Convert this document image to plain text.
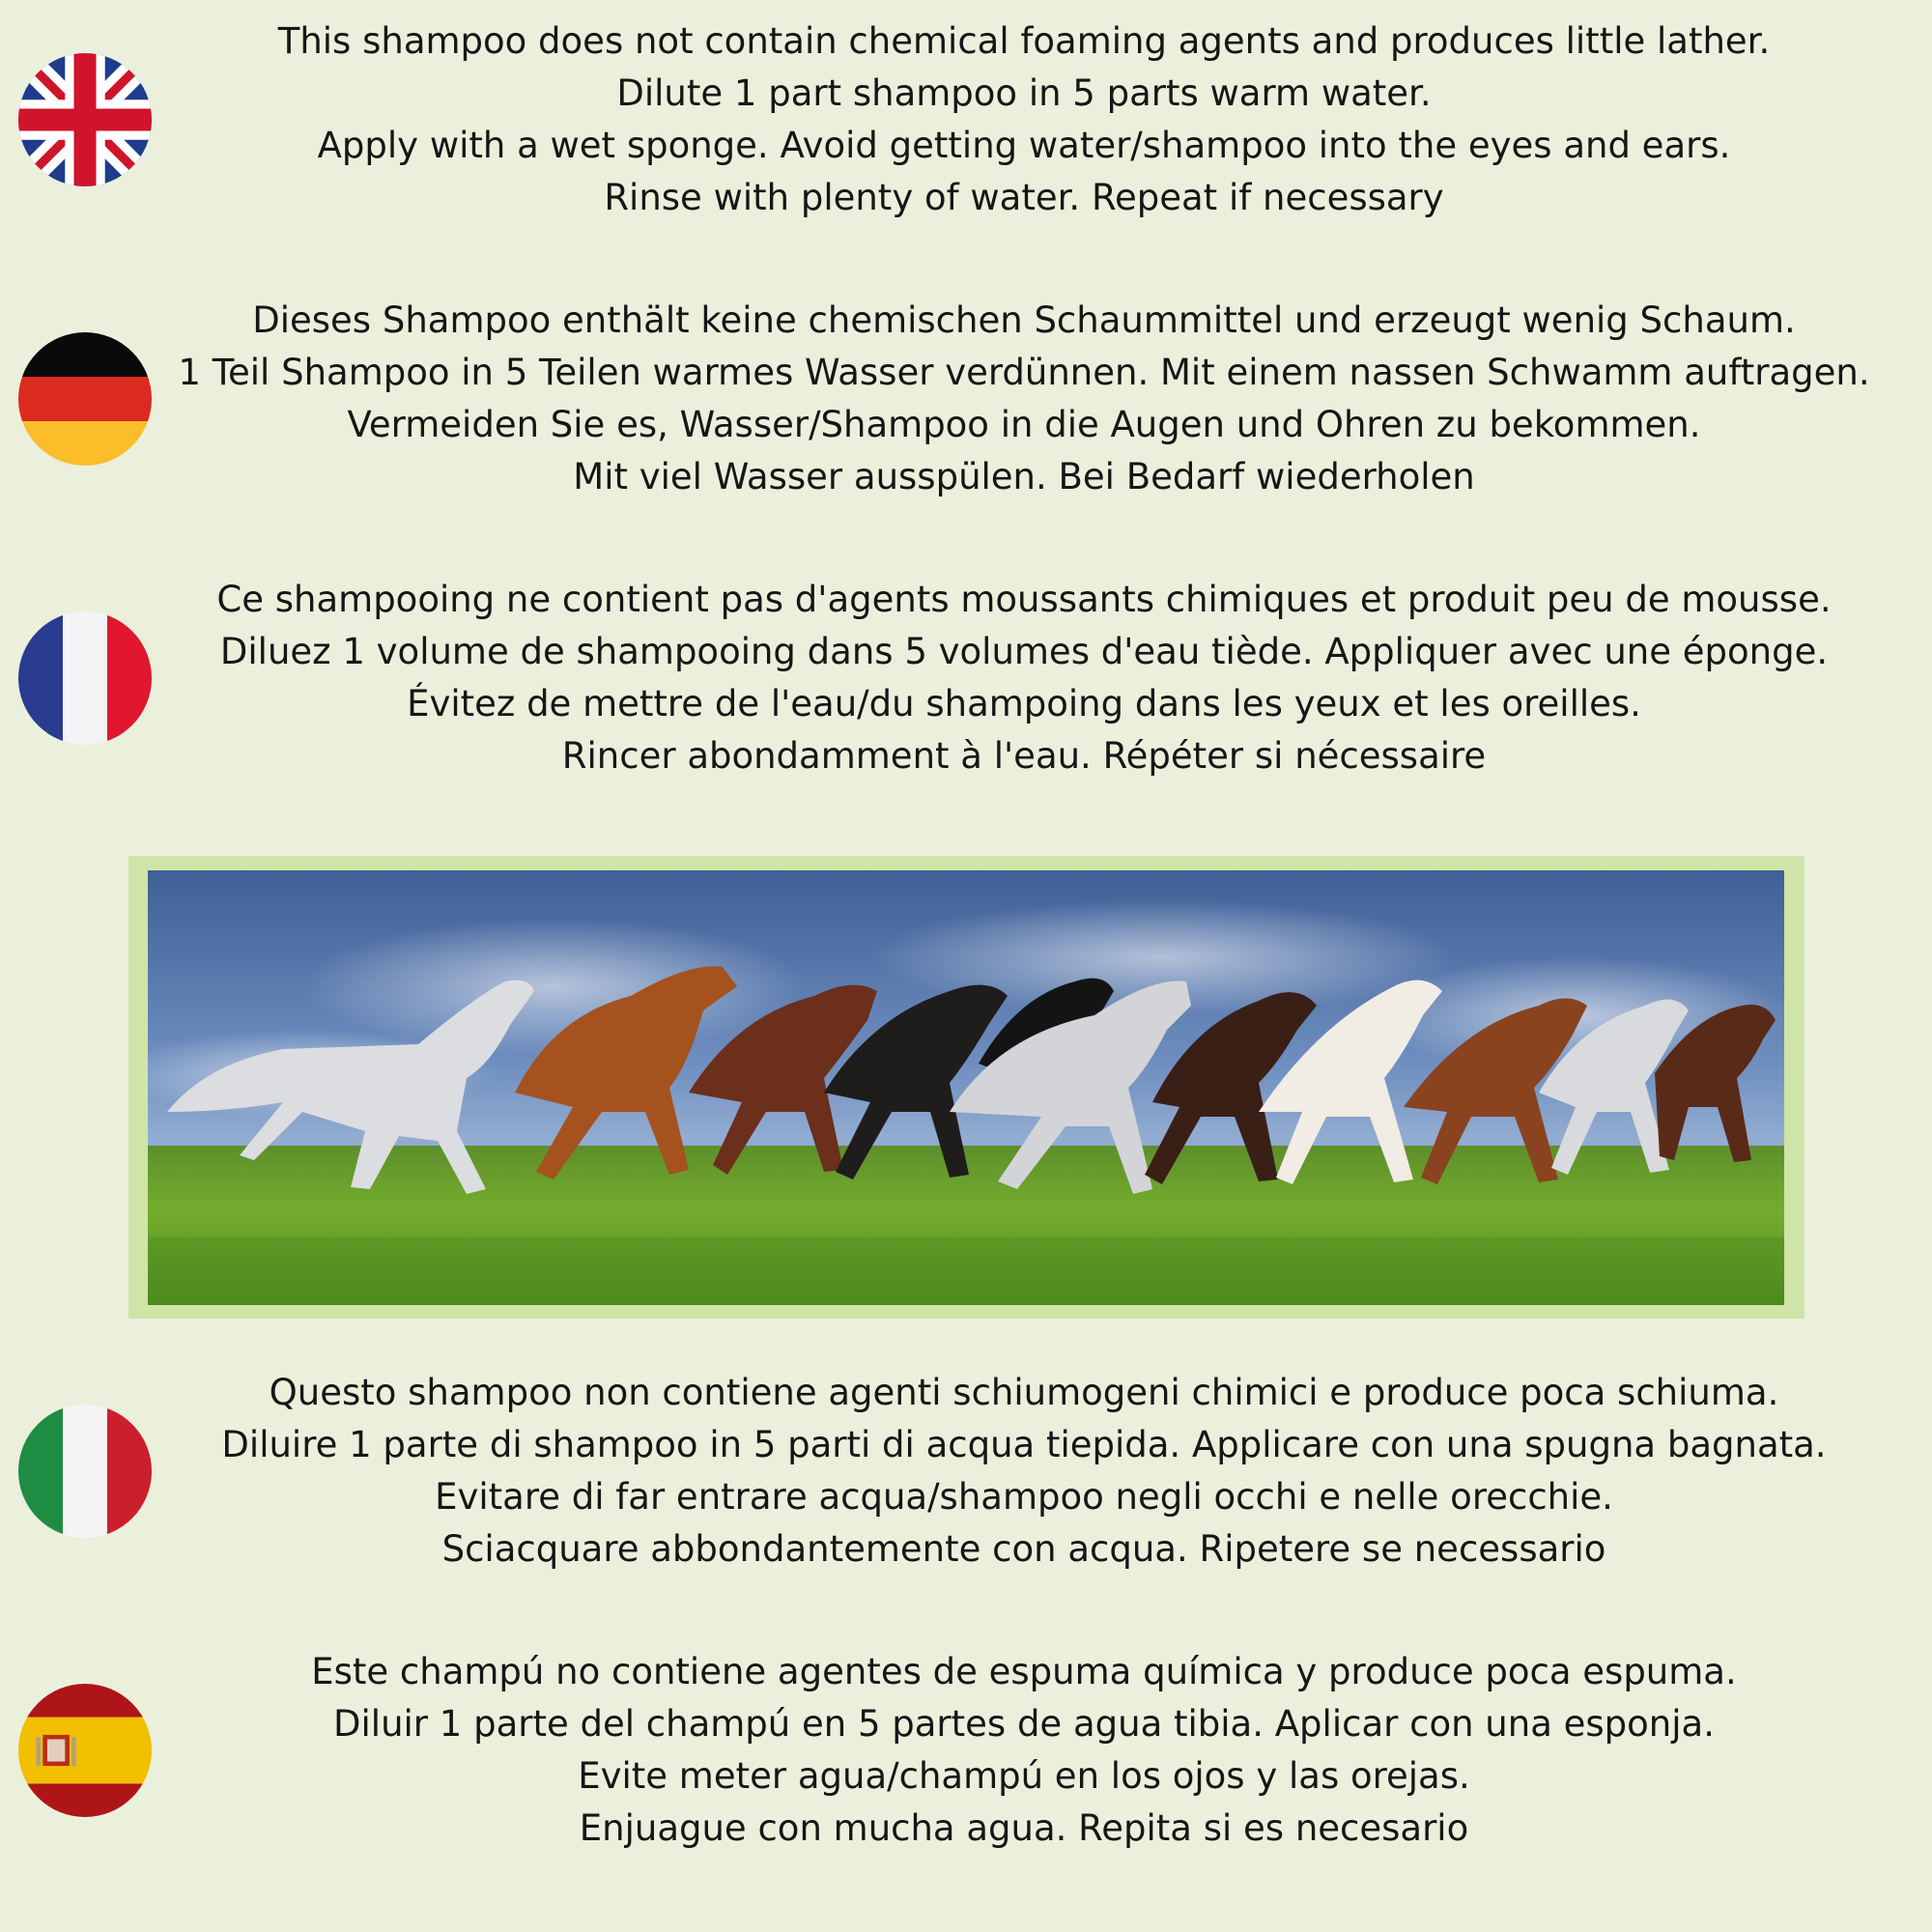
This shampoo does not contain chemical foaming agents and produces little lather.
Dilute 1 part shampoo in 5 parts warm water.
Apply with a wet sponge. Avoid getting water/shampoo into the eyes and ears.
Rinse with plenty of water. Repeat if necessary
Dieses Shampoo enthält keine chemischen Schaummittel und erzeugt wenig Schaum.
1 Teil Shampoo in 5 Teilen warmes Wasser verdünnen. Mit einem nassen Schwamm auftragen.
Vermeiden Sie es, Wasser/Shampoo in die Augen und Ohren zu bekommen.
Mit viel Wasser ausspülen. Bei Bedarf wiederholen
Ce shampooing ne contient pas d'agents moussants chimiques et produit peu de mousse.
Diluez 1 volume de shampooing dans 5 volumes d'eau tiède. Appliquer avec une éponge.
Évitez de mettre de l'eau/du shampoing dans les yeux et les oreilles.
Rincer abondamment à l'eau. Répéter si nécessaire
Questo shampoo non contiene agenti schiumogeni chimici e produce poca schiuma.
Diluire 1 parte di shampoo in 5 parti di acqua tiepida. Applicare con una spugna bagnata.
Evitare di far entrare acqua/shampoo negli occhi e nelle orecchie.
Sciacquare abbondantemente con acqua. Ripetere se necessario
Este champú no contiene agentes de espuma química y produce poca espuma.
Diluir 1 parte del champú en 5 partes de agua tibia. Aplicar con una esponja.
Evite meter agua/champú en los ojos y las orejas.
Enjuague con mucha agua. Repita si es necesario
